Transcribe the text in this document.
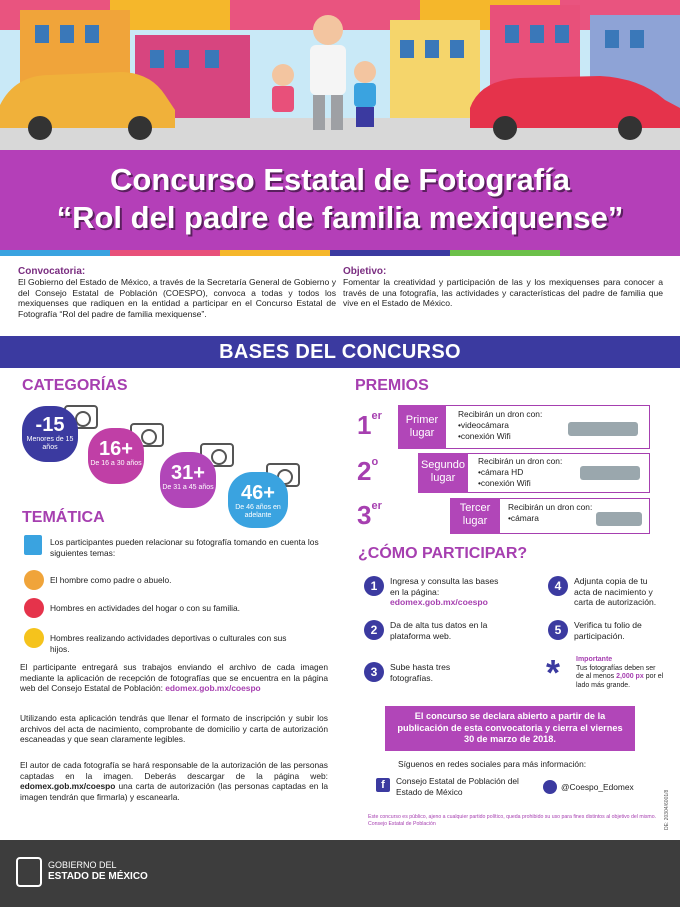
Concurso Estatal de Fotografía
“Rol del padre de familia mexiquense”
Convocatoria:
El Gobierno del Estado de México, a través de la Secretaría General de Gobierno y del Consejo Estatal de Población (COESPO), convoca a todas y todos los mexiquenses que radiquen en la entidad a participar en el Concurso Estatal de Fotografía “Rol del padre de familia mexiquense”.
Objetivo:
Fomentar la creatividad y participación de las y los mexiquenses para conocer a través de una fotografía, las actividades y características del padre de familia que vive en el Estado de México.
BASES DEL CONCURSO
CATEGORÍAS
-15
Menores de 15 años	16+
De 16 a 30 años	31+
De 31 a 45 años	46+
De 46 años en adelante
TEMÁTICA
Los participantes pueden relacionar su fotografía tomando en cuenta los siguientes temas:
El hombre como padre o abuelo.
Hombres en actividades del hogar o con su familia.
Hombres realizando actividades deportivas o culturales con sus hijos.
El participante entregará sus trabajos enviando el archivo de cada imagen mediante la aplicación de recepción de fotografías que se encuentra en la página web del Consejo Estatal de Población: edomex.gob.mx/coespo
Utilizando esta aplicación tendrás que llenar el formato de inscripción y subir los archivos del acta de nacimiento, comprobante de domicilio y carta de autorización escaneadas y que sean claramente legibles.
El autor de cada fotografía se hará responsable de la autorización de las personas captadas en la imagen. Deberás descargar de la página web: edomex.gob.mx/coespo una carta de autorización (las personas captadas en la imagen tendrán que firmarla) y escanearla.
PREMIOS
1er	Primer lugar
Recibirán un dron con:
•videocámara
•conexión Wifi
2$^o$	Segundo lugar
Recibirán un dron con:
•cámara HD
•conexión Wifi
3er	Tercer lugar
Recibirán un dron con:
•cámara
¿CÓMO PARTICIPAR?
1	Ingresa y consulta las bases en la página:
edomex.gob.mx/coespo
2	Da de alta tus datos en la plataforma web.
3	Sube hasta tres fotografías.
4	Adjunta copia de tu acta de nacimiento y carta de autorización.
5	Verifica tu folio de participación.
* Importante
Tus fotografías deben ser de al menos 2,000 px por el lado más grande.
El concurso se declara abierto a partir de la publicación de esta convocatoria y cierra el viernes 30 de marzo de 2018.
Síguenos en redes sociales para más información:
f	Consejo Estatal de Población del Estado de México	@Coespo_Edomex
Este concurso es público, ajeno a cualquier partido político, queda prohibido su uso para fines distintos al objetivo del mismo. Consejo Estatal de Población	DE: 20304/6001/8
GOBIERNO DEL
ESTADO DE MÉXICO
